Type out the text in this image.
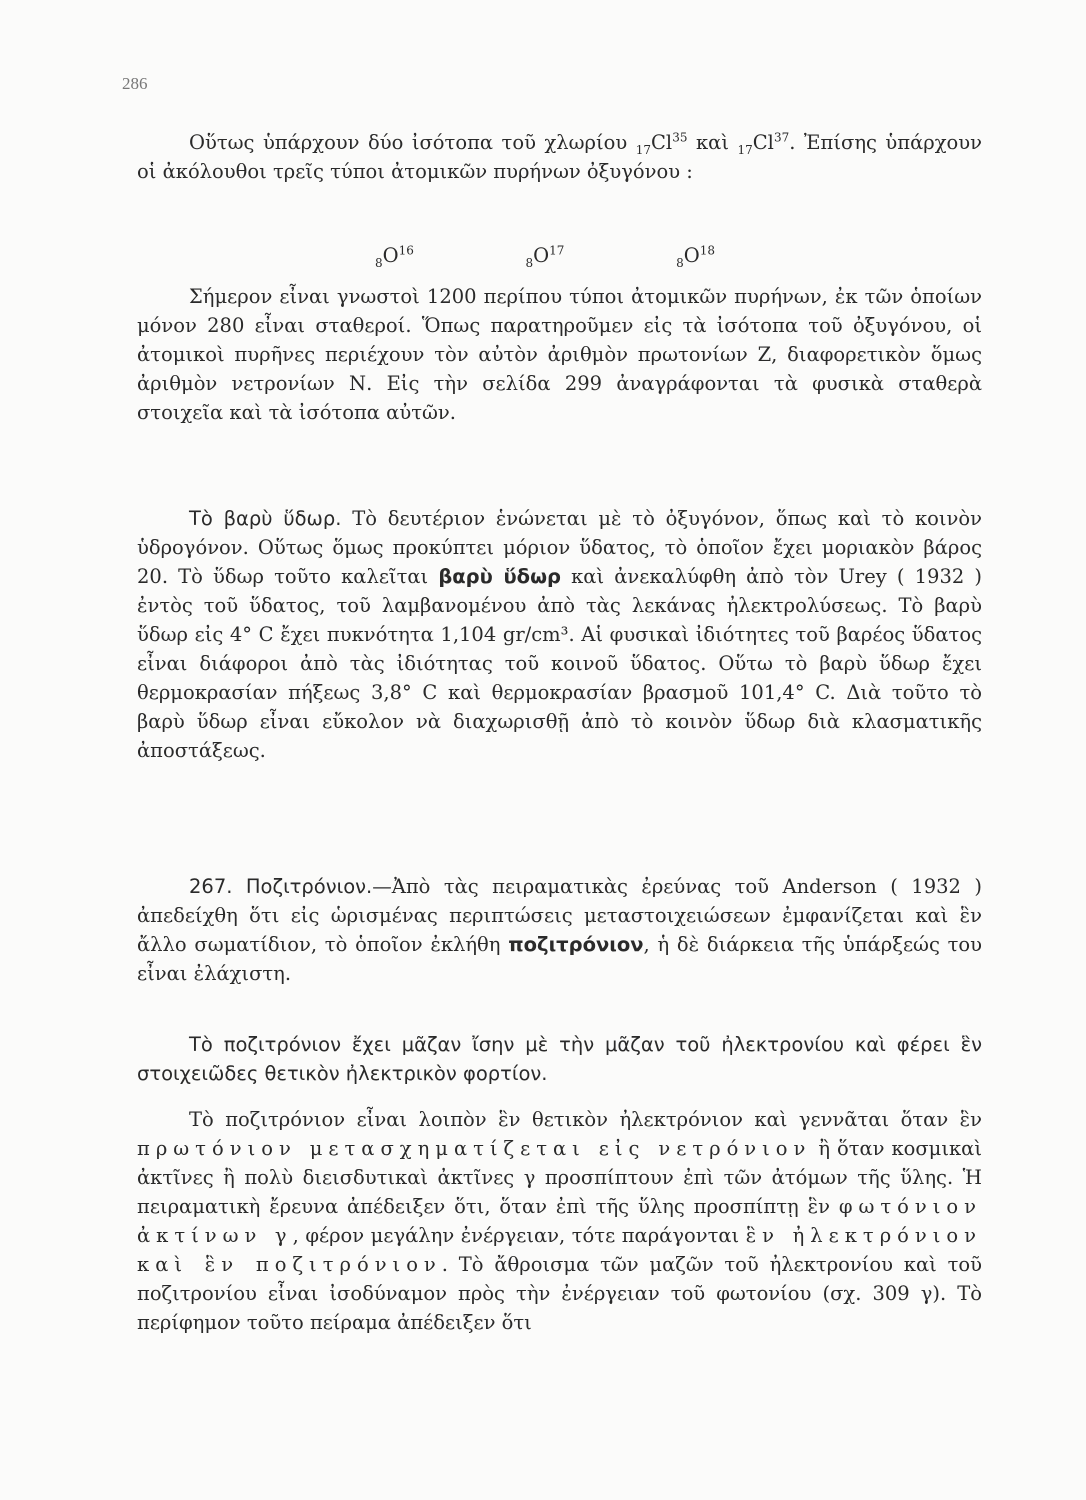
286

Οὕτως ὑπάρχουν δύο ἰσότοπα τοῦ χλωρίου $_{17}Cl^{35}$ καὶ $_{17}Cl^{37}$. Ἐπίσης ὑπάρχουν οἱ ἀκόλουθοι τρεῖς τύποι ἀτομικῶν πυρήνων ὀξυγόνου :

$_8O^{16}$
$_8O^{17}$
$_8O^{18}$

Σήμερον εἶναι γνωστοὶ 1200 περίπου τύποι ἀτομικῶν πυρήνων, ἐκ τῶν ὁποίων μόνον 280 εἶναι σταθεροί. Ὅπως παρατηροῦμεν εἰς τὰ ἰσότοπα τοῦ ὀξυγόνου, οἱ ἀτομικοὶ πυρῆνες περιέχουν τὸν αὐτὸν ἀριθμὸν πρωτονίων Ζ, διαφορετικὸν ὅμως ἀριθμὸν νετρονίων Ν. Εἰς τὴν σελίδα 299 ἀναγράφονται τὰ φυσικὰ σταθερὰ στοιχεῖα καὶ τὰ ἰσότοπα αὐτῶν.

Τὸ βαρὺ ὕδωρ. Τὸ δευτέριον ἑνώνεται μὲ τὸ ὀξυγόνον, ὅπως καὶ τὸ κοινὸν ὑδρογόνον. Οὕτως ὅμως προκύπτει μόριον ὕδατος, τὸ ὁποῖον ἔχει μοριακὸν βάρος 20. Τὸ ὕδωρ τοῦτο καλεῖται βαρὺ ὕδωρ καὶ ἀνεκαλύφθη ἀπὸ τὸν Urey ( 1932 ) ἐντὸς τοῦ ὕδατος, τοῦ λαμβανομένου ἀπὸ τὰς λεκάνας ἠλεκτρολύσεως. Τὸ βαρὺ ὕδωρ εἰς 4° C ἔχει πυκνότητα 1,104 gr/cm³. Αἱ φυσικαὶ ἰδιότητες τοῦ βαρέος ὕδατος εἶναι διάφοροι ἀπὸ τὰς ἰδιότητας τοῦ κοινοῦ ὕδατος. Οὕτω τὸ βαρὺ ὕδωρ ἔχει θερμοκρασίαν πήξεως 3,8° C καὶ θερμοκρασίαν βρασμοῦ 101,4° C. Διὰ τοῦτο τὸ βαρὺ ὕδωρ εἶναι εὔκολον νὰ διαχωρισθῇ ἀπὸ τὸ κοινὸν ὕδωρ διὰ κλασματικῆς ἀποστάξεως.

267. Ποζιτρόνιον.—Ἀπὸ τὰς πειραματικὰς ἐρεύνας τοῦ Anderson ( 1932 ) ἀπεδείχθη ὅτι εἰς ὡρισμένας περιπτώσεις μεταστοιχειώσεων ἐμφανίζεται καὶ ἓν ἄλλο σωματίδιον, τὸ ὁποῖον ἐκλήθη ποζιτρόνιον, ἡ δὲ διάρκεια τῆς ὑπάρξεώς του εἶναι ἐλάχιστη.

Τὸ ποζιτρόνιον ἔχει μᾶζαν ἴσην μὲ τὴν μᾶζαν τοῦ ἠλεκτρονίου καὶ φέρει ἓν στοιχειῶδες θετικὸν ἠλεκτρικὸν φορτίον.

Τὸ ποζιτρόνιον εἶναι λοιπὸν ἓν θετικὸν ἠλεκτρόνιον καὶ γεννᾶται ὅταν ἓν πρωτόνιον μετασχηματίζεται εἰς νετρόνιον ἢ ὅταν κοσμικαὶ ἀκτῖνες ἢ πολὺ διεισδυτικαὶ ἀκτῖνες γ προσπίπτουν ἐπὶ τῶν ἀτόμων τῆς ὕλης. Ἡ πειραματικὴ ἔρευνα ἀπέδειξεν ὅτι, ὅταν ἐπὶ τῆς ὕλης προσπίπτῃ ἓν φωτόνιον ἀκτίνων γ, φέρον μεγάλην ἐνέργειαν, τότε παράγονται ἓν ἠλεκτρόνιον καὶ ἓν ποζιτρόνιον. Τὸ ἄθροισμα τῶν μαζῶν τοῦ ἠλεκτρονίου καὶ τοῦ ποζιτρονίου εἶναι ἰσοδύναμον πρὸς τὴν ἐνέργειαν τοῦ φωτονίου (σχ. 309 γ). Τὸ περίφημον τοῦτο πείραμα ἀπέδειξεν ὅτι
